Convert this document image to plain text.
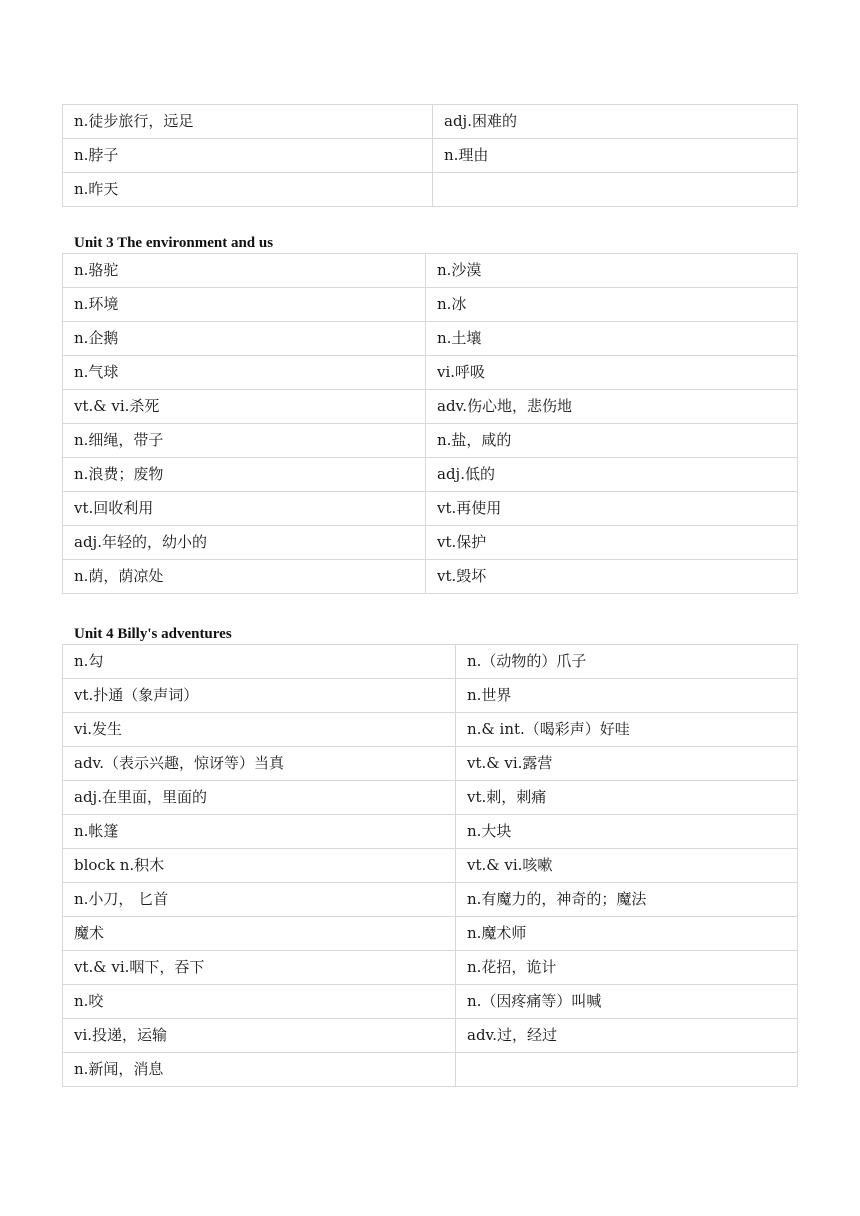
n.徒步旅行，远足	adj.困难的
n.脖子	n.理由
n.昨天	
Unit 3 The environment and us
n.骆驼	n.沙漠
n.环境	n.冰
n.企鹅	n.土壤
n.气球	vi.呼吸
vt.& vi.杀死	adv.伤心地，悲伤地
n.细绳，带子	n.盐，咸的
n.浪费；废物	adj.低的
vt.回收利用	vt.再使用
adj.年轻的，幼小的	vt.保护
n.荫，荫凉处	vt.毁坏
Unit 4 Billy's adventures
n.勾	n.（动物的）爪子
vt.扑通（象声词）	n.世界
vi.发生	n.& int.（喝彩声）好哇
adv.（表示兴趣，惊讶等）当真	vt.& vi.露营
adj.在里面，里面的	vt.刺，刺痛
n.帐篷	n.大块
block n.积木	vt.& vi.咳嗽
n.小刀， 匕首	n.有魔力的，神奇的；魔法
魔术	n.魔术师
vt.& vi.咽下，吞下	n.花招，诡计
n.咬	n.（因疼痛等）叫喊
vi.投递，运输	adv.过，经过
n.新闻，消息	
